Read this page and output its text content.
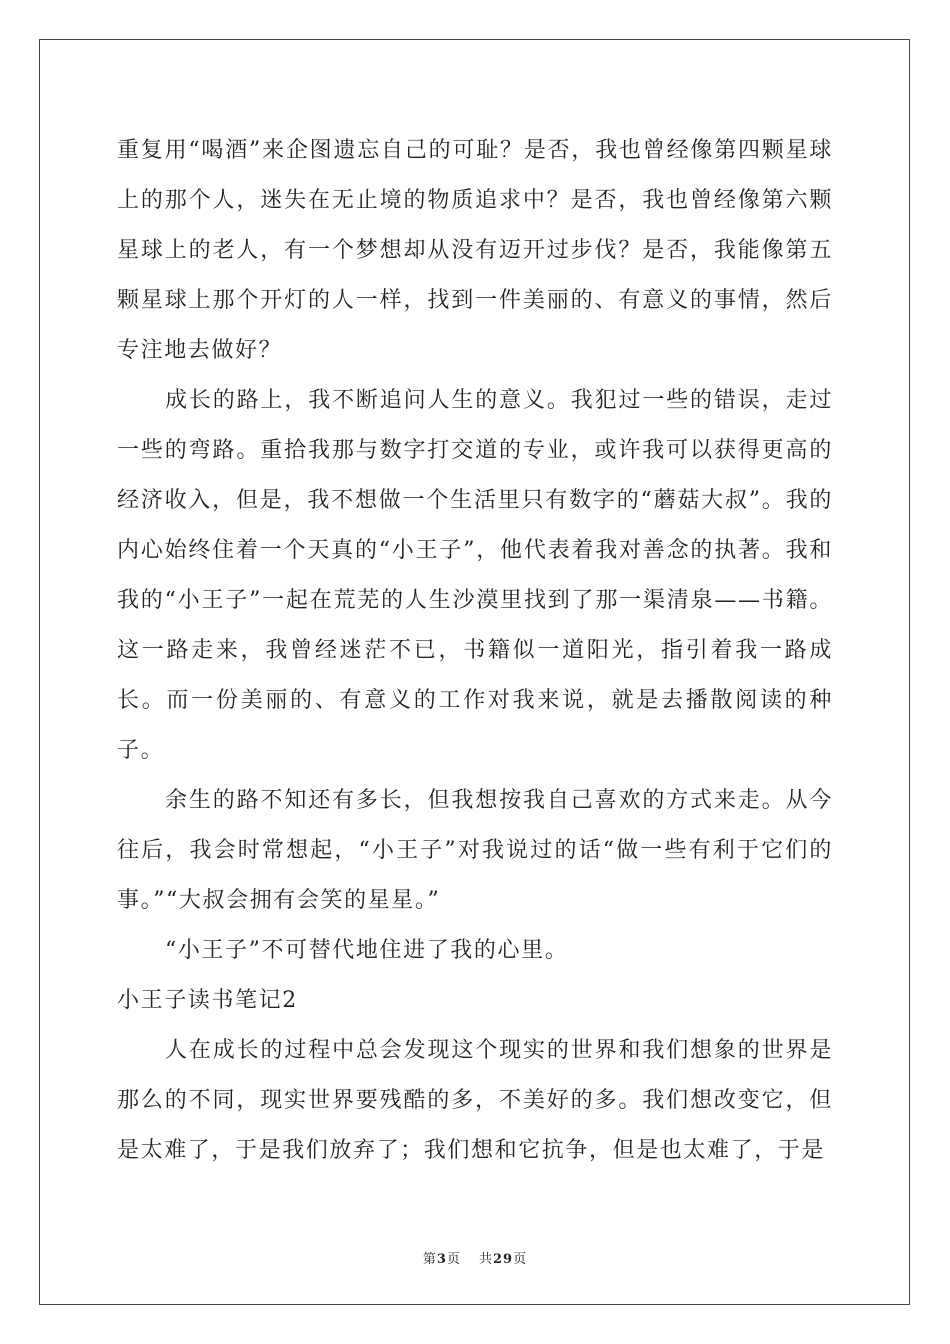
重复用“喝酒”来企图遗忘自己的可耻？是否，我也曾经像第四颗星球上的那个人，迷失在无止境的物质追求中？是否，我也曾经像第六颗星球上的老人，有一个梦想却从没有迈开过步伐？是否，我能像第五颗星球上那个开灯的人一样，找到一件美丽的、有意义的事情，然后专注地去做好？

成长的路上，我不断追问人生的意义。我犯过一些的错误，走过一些的弯路。重拾我那与数字打交道的专业，或许我可以获得更高的经济收入，但是，我不想做一个生活里只有数字的“蘑菇大叔”。我的内心始终住着一个天真的“小王子”，他代表着我对善念的执著。我和我的“小王子”一起在荒芜的人生沙漠里找到了那一渠清泉——书籍。这一路走来，我曾经迷茫不已，书籍似一道阳光，指引着我一路成长。而一份美丽的、有意义的工作对我来说，就是去播散阅读的种子。

余生的路不知还有多长，但我想按我自己喜欢的方式来走。从今往后，我会时常想起，“小王子”对我说过的话“做一些有利于它们的事。”“大叔会拥有会笑的星星。”

“小王子”不可替代地住进了我的心里。

小王子读书笔记2

人在成长的过程中总会发现这个现实的世界和我们想象的世界是那么的不同，现实世界要残酷的多，不美好的多。我们想改变它，但是太难了，于是我们放弃了；我们想和它抗争，但是也太难了，于是

第3页 共29页
